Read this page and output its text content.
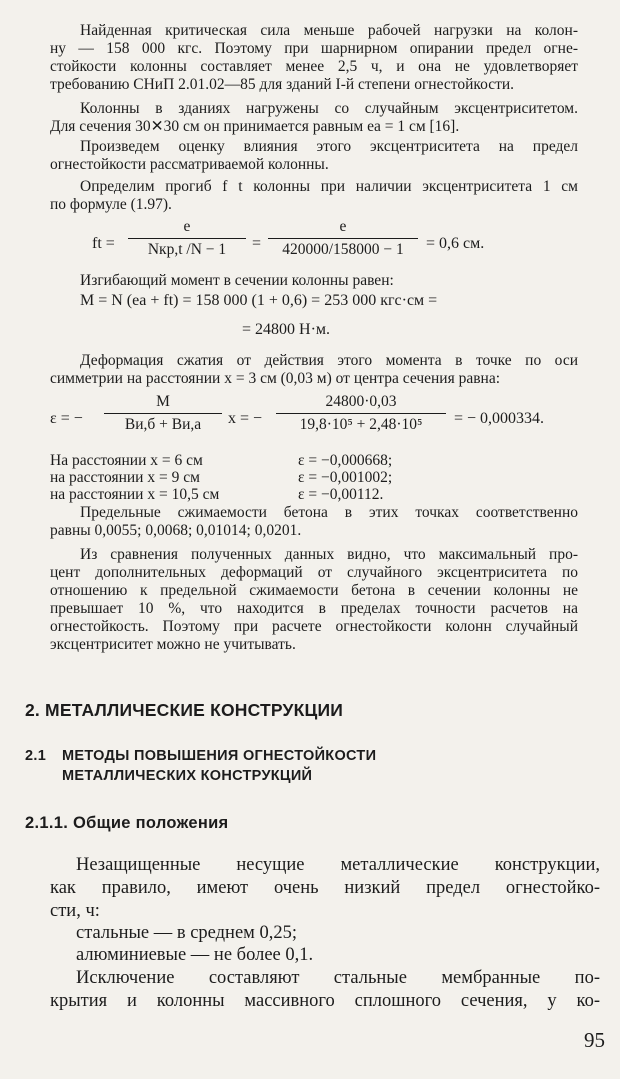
Найденная критическая сила меньше рабочей нагрузки на колон-
ну — 158 000 кгс. Поэтому при шарнирном опирании предел огне-
стойкости колонны составляет менее 2,5 ч, и она не удовлетворяет
требованию СНиП 2.01.02—85 для зданий I-й степени огнестойкости.
Колонны в зданиях нагружены со случайным эксцентриситетом.
Для сечения 30✕30 см он принимается равным eа = 1 см [16].
Произведем оценку влияния этого эксцентриситета на предел
огнестойкости рассматриваемой колонны.
Определим прогиб f t колонны при наличии эксцентриситета 1 см
по формуле (1.97).
ft =
e
Nкр,t /N − 1	= $\frac{e}{420000/158000 - 1} = 0,6$ см.
Изгибающий момент в сечении колонны равен:
M = N (eа + ft) = 158 000 (1 + 0,6) = 253 000 кгс·см =
= 24800 Н·м.
Деформация сжатия от действия этого момента в точке по оси
симметрии на расстоянии x = 3 см (0,03 м) от центра сечения равна:
ε = −
M
Bи,б + Bи,а	x = − $\frac{24800\cdot 0,03}{\text{19,8·10⁵ + 2,48·10⁵}}$ = − 0,000334.
На расстоянии x = 6 см	ε = −0,000668;
на расстоянии x = 9 см	ε = −0,001002;
на расстоянии x = 10,5 см	ε = −0,00112.
Предельные сжимаемости бетона в этих точках соответственно
равны 0,0055; 0,0068; 0,01014; 0,0201.
Из сравнения полученных данных видно, что максимальный про-
цент дополнительных деформаций от случайного эксцентриситета по
отношению к предельной сжимаемости бетона в сечении колонны не
превышает 10 %, что находится в пределах точности расчетов на
огнестойкость. Поэтому при расчете огнестойкости колонн случайный
эксцентриситет можно не учитывать.
2. МЕТАЛЛИЧЕСКИЕ КОНСТРУКЦИИ
2.1 МЕТОДЫ ПОВЫШЕНИЯ ОГНЕСТОЙКОСТИ
МЕТАЛЛИЧЕСКИХ КОНСТРУКЦИЙ
2.1.1. Общие положения
Незащищенные несущие металлические конструкции,
как правило, имеют очень низкий предел огнестойко-
сти, ч:
стальные — в среднем 0,25;
алюминиевые — не более 0,1.
Исключение составляют стальные мембранные по-
крытия и колонны массивного сплошного сечения, у ко-
95
